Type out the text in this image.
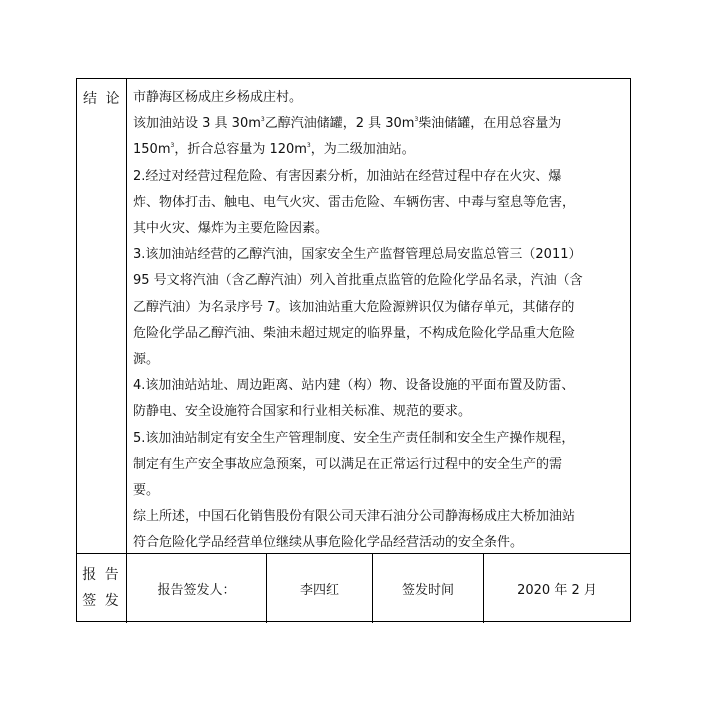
结 论 市静海区杨成庄乡杨成庄村。

该加油站设 3 具 $30m^3$乙醇汽油储罐，2 具 $30m^3$柴油储罐，在用总容量为

$150m^3$，折合总容量为 $120m^3$，为二级加油站。

2.经过对经营过程危险、有害因素分析，加油站在经营过程中存在火灾、爆

炸、物体打击、触电、电气火灾、雷击危险、车辆伤害、中毒与窒息等危害，

其中火灾、爆炸为主要危险因素。

3.该加油站经营的乙醇汽油，国家安全生产监督管理总局安监总管三（2011）

95 号文将汽油（含乙醇汽油）列入首批重点监管的危险化学品名录，汽油（含

乙醇汽油）为名录序号 7。该加油站重大危险源辨识仅为储存单元，其储存的

危险化学品乙醇汽油、柴油未超过规定的临界量，不构成危险化学品重大危险

源。

4.该加油站站址、周边距离、站内建（构）物、设备设施的平面布置及防雷、

防静电、安全设施符合国家和行业相关标准、规范的要求。

5.该加油站制定有安全生产管理制度、安全生产责任制和安全生产操作规程，

制定有生产安全事故应急预案，可以满足在正常运行过程中的安全生产的需

要。

综上所述，中国石化销售股份有限公司天津石油分公司静海杨成庄大桥加油站

符合危险化学品经营单位继续从事危险化学品经营活动的安全条件。

报 告
签 发
报告签发人：	李四红	签发时间	2020 年 2 月
